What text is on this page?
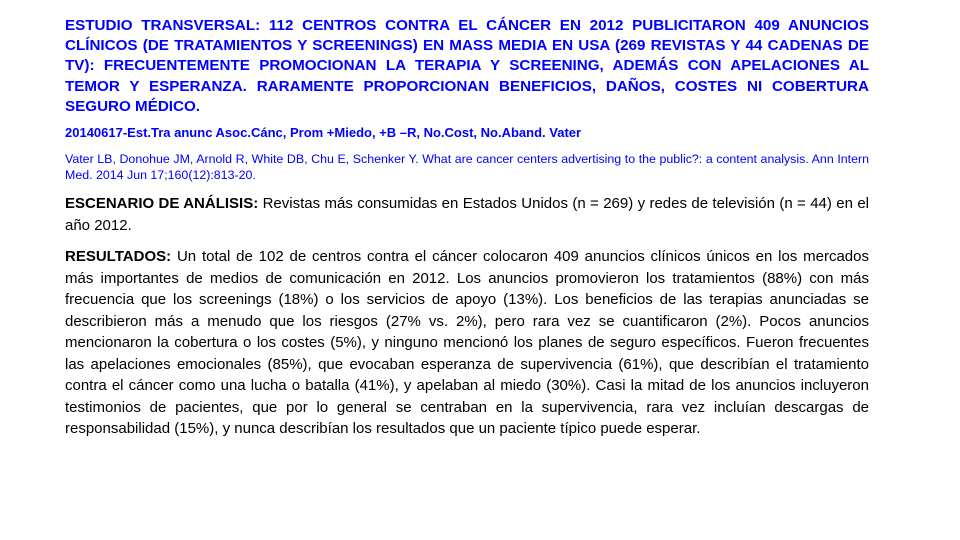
ESTUDIO TRANSVERSAL: 112 CENTROS CONTRA EL CÁNCER EN 2012 PUBLICITARON 409 ANUNCIOS CLÍNICOS (DE TRATAMIENTOS Y SCREENINGS) EN MASS MEDIA EN USA (269 REVISTAS Y 44 CADENAS DE TV): FRECUENTEMENTE PROMOCIONAN LA TERAPIA Y SCREENING, ADEMÁS CON APELACIONES AL TEMOR Y ESPERANZA. RARAMENTE PROPORCIONAN BENEFICIOS, DAÑOS, COSTES NI COBERTURA SEGURO MÉDICO.

20140617-Est.Tra anunc Asoc.Cánc, Prom +Miedo, +B –R, No.Cost, No.Aband. Vater

Vater LB, Donohue JM, Arnold R, White DB, Chu E, Schenker Y. What are cancer centers advertising to the public?: a content analysis. Ann Intern Med. 2014 Jun 17;160(12):813-20.

ESCENARIO DE ANÁLISIS: Revistas más consumidas en Estados Unidos (n = 269) y redes de televisión (n = 44) en el año 2012.

RESULTADOS: Un total de 102 de centros contra el cáncer colocaron 409 anuncios clínicos únicos en los mercados más importantes de medios de comunicación en 2012. Los anuncios promovieron los tratamientos (88%) con más frecuencia que los screenings (18%) o los servicios de apoyo (13%). Los beneficios de las terapias anunciadas se describieron más a menudo que los riesgos (27% vs. 2%), pero rara vez se cuantificaron (2%). Pocos anuncios mencionaron la cobertura o los costes (5%), y ninguno mencionó los planes de seguro específicos. Fueron frecuentes las apelaciones emocionales (85%), que evocaban esperanza de supervivencia (61%), que describían el tratamiento contra el cáncer como una lucha o batalla (41%), y apelaban al miedo (30%). Casi la mitad de los anuncios incluyeron testimonios de pacientes, que por lo general se centraban en la supervivencia, rara vez incluían descargas de responsabilidad (15%), y nunca describían los resultados que un paciente típico puede esperar.
